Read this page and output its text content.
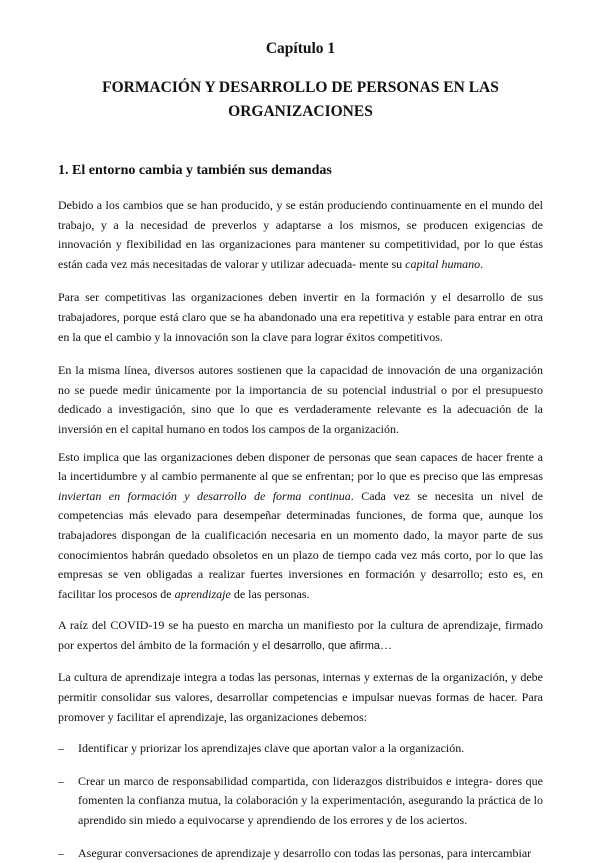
Capítulo 1
FORMACIÓN Y DESARROLLO DE PERSONAS EN LAS ORGANIZACIONES
1. El entorno cambia y también sus demandas

Debido a los cambios que se han producido, y se están produciendo continuamente en el mundo del trabajo, y a la necesidad de preverlos y adaptarse a los mismos, se producen exigencias de innovación y flexibilidad en las organizaciones para mantener su competitividad, por lo que éstas están cada vez más necesitadas de valorar y utilizar adecuada- mente su capital humano.

Para ser competitivas las organizaciones deben invertir en la formación y el desarrollo de sus trabajadores, porque está claro que se ha abandonado una era repetitiva y estable para entrar en otra en la que el cambio y la innovación son la clave para lograr éxitos competitivos.

En la misma línea, diversos autores sostienen que la capacidad de innovación de una organización no se puede medir únicamente por la importancia de su potencial industrial o por el presupuesto dedicado a investigación, sino que lo que es verdaderamente relevante es la adecuación de la inversión en el capital humano en todos los campos de la organización.

Esto implica que las organizaciones deben disponer de personas que sean capaces de hacer frente a la incertidumbre y al cambio permanente al que se enfrentan; por lo que es preciso que las empresas inviertan en formación y desarrollo de forma continua. Cada vez se necesita un nivel de competencias más elevado para desempeñar determinadas funciones, de forma que, aunque los trabajadores dispongan de la cualificación necesaria en un momento dado, la mayor parte de sus conocimientos habrán quedado obsoletos en un plazo de tiempo cada vez más corto, por lo que las empresas se ven obligadas a realizar fuertes inversiones en formación y desarrollo; esto es, en facilitar los procesos de aprendizaje de las personas.

A raíz del COVID-19 se ha puesto en marcha un manifiesto por la cultura de aprendizaje, firmado por expertos del ámbito de la formación y el desarrollo, que afirma…

La cultura de aprendizaje integra a todas las personas, internas y externas de la organización, y debe permitir consolidar sus valores, desarrollar competencias e impulsar nuevas formas de hacer. Para promover y facilitar el aprendizaje, las organizaciones debemos:

– Identificar y priorizar los aprendizajes clave que aportan valor a la organización.
– Crear un marco de responsabilidad compartida, con liderazgos distribuidos e integra- dores que fomenten la confianza mutua, la colaboración y la experimentación, asegurando la práctica de lo aprendido sin miedo a equivocarse y aprendiendo de los errores y de los aciertos.
– Asegurar conversaciones de aprendizaje y desarrollo con todas las personas, para intercambiar
